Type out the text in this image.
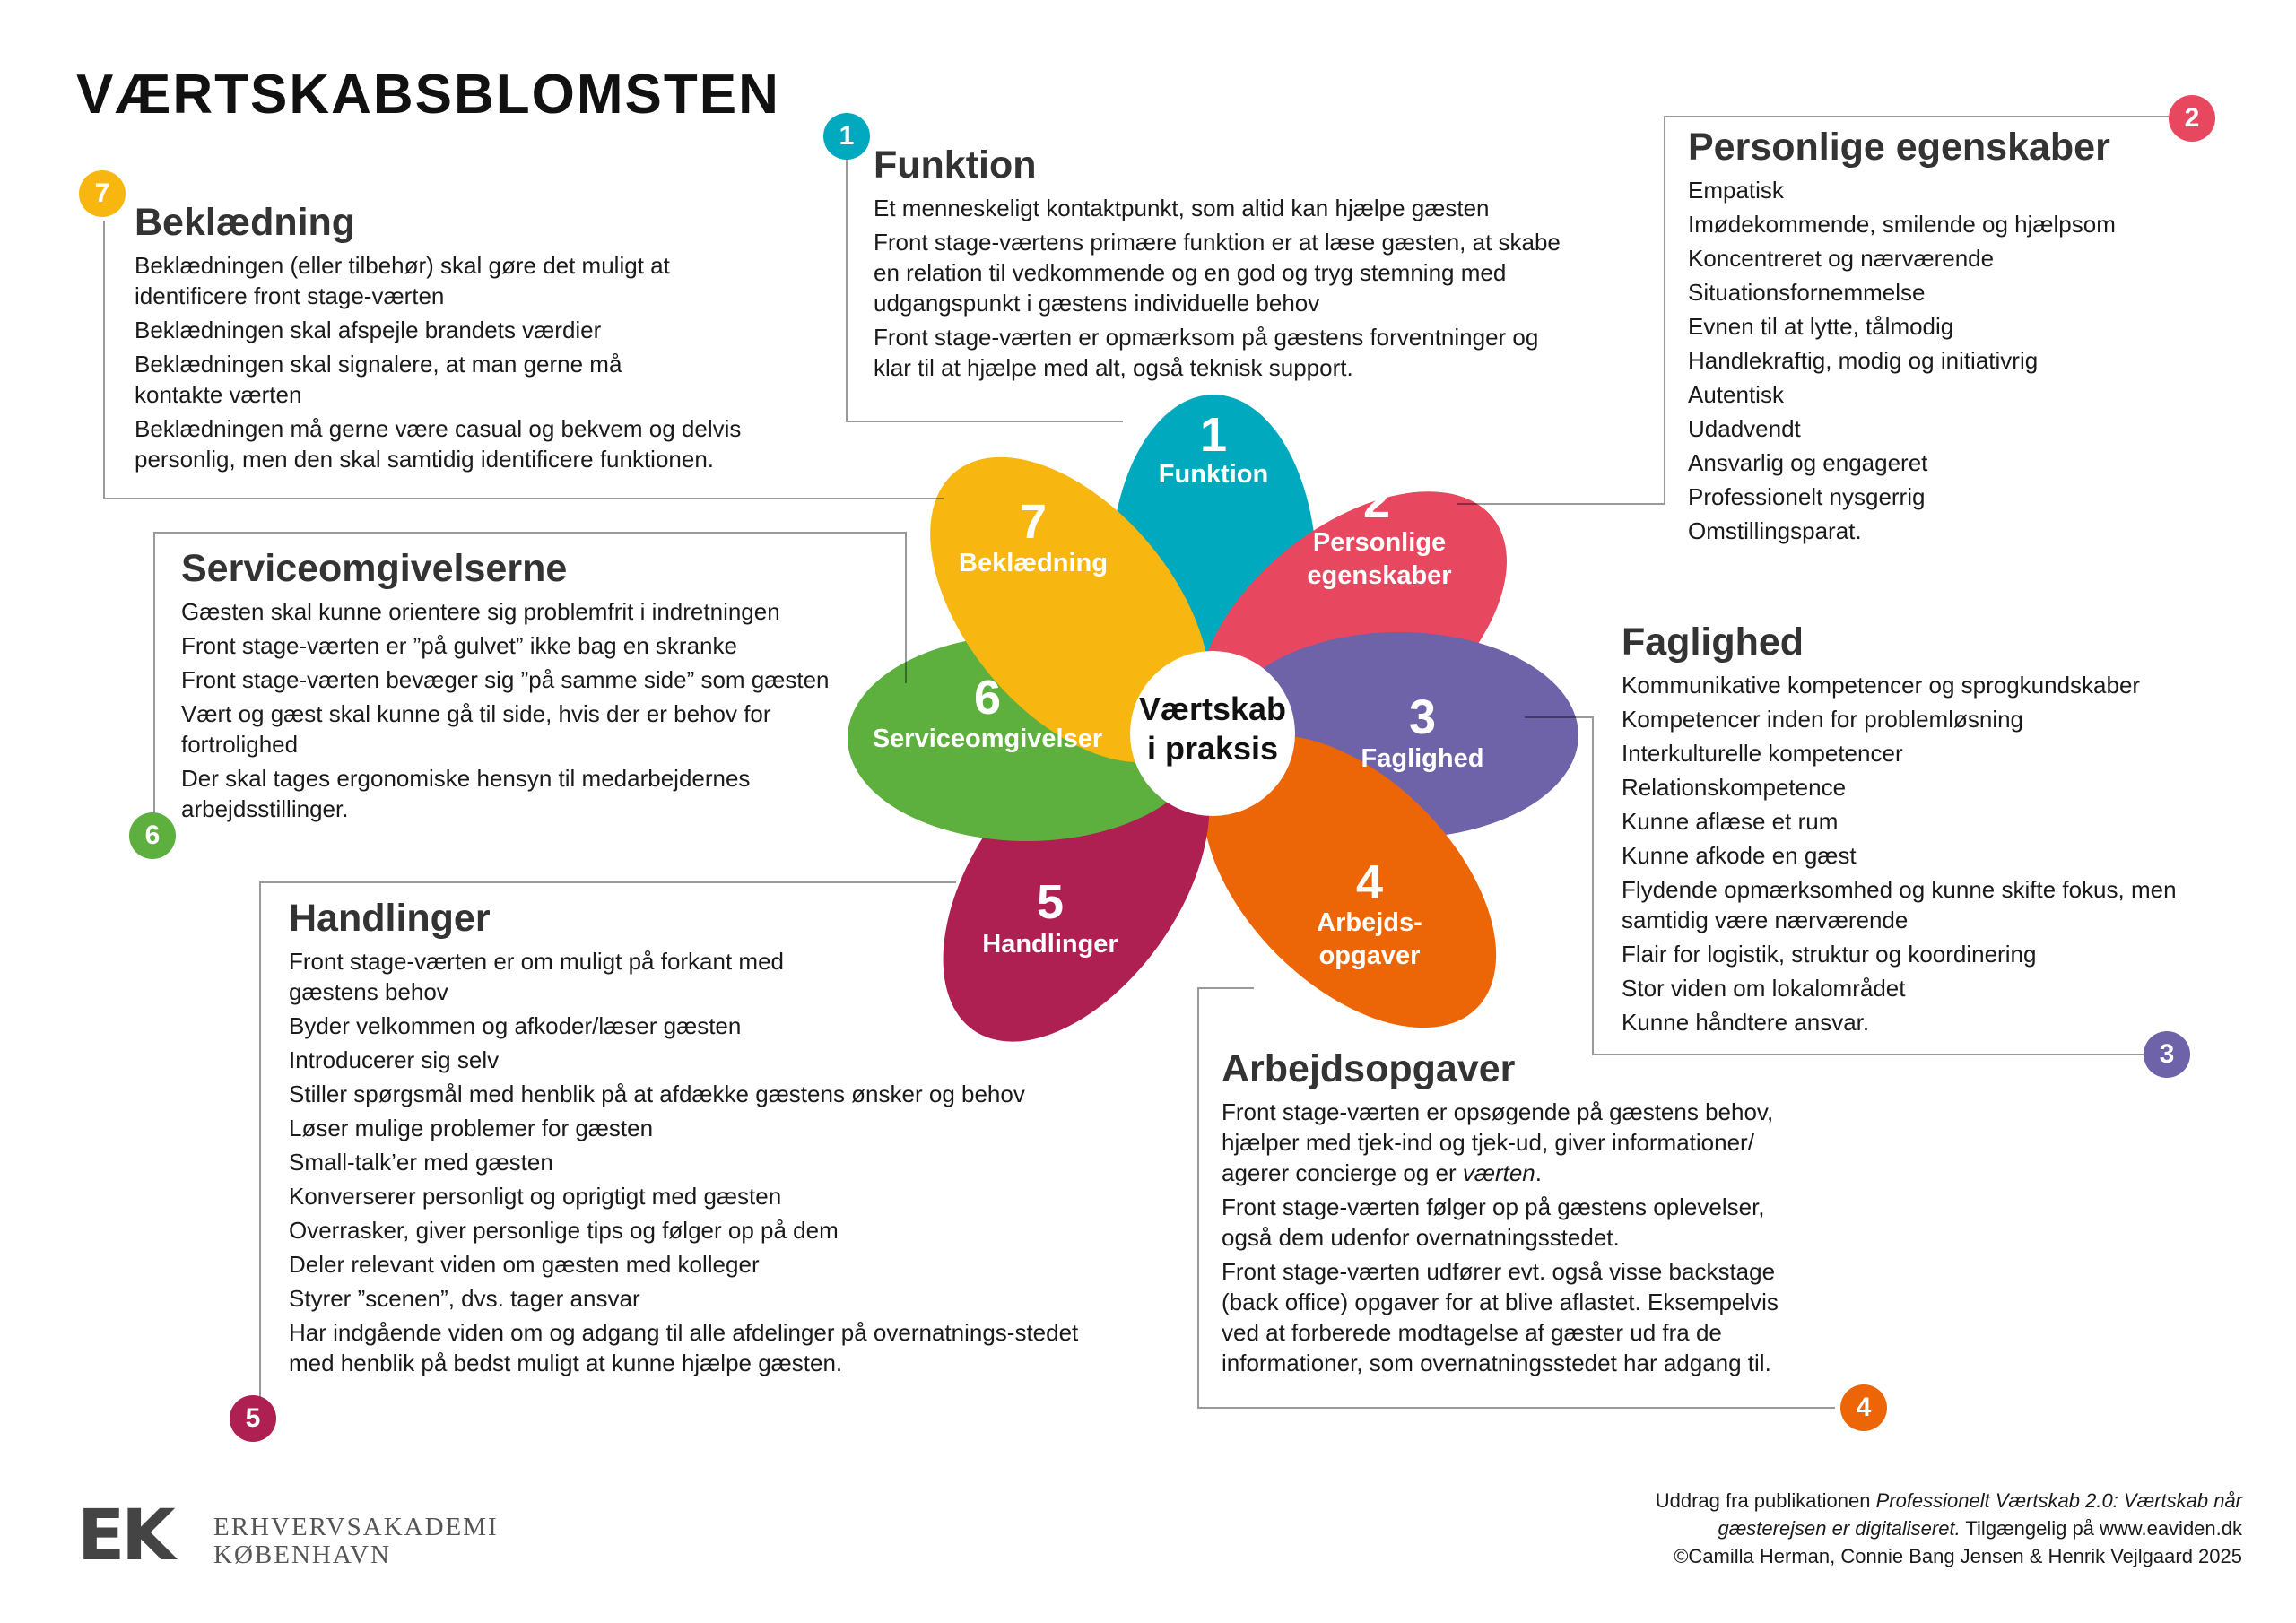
VÆRTSKABSBLOMSTEN
Værtskab
i praksis
1
Funktion 2
Personlige
egenskaber
3
Faglighed
4
Arbejds-
opgaver
5
Handlinger
6
Serviceomgivelser
7
Beklædning
1
Funktion
Et menneskeligt kontaktpunkt, som altid kan hjælpe gæsten
Front stage-værtens primære funktion er at læse gæsten, at skabe en relation til vedkommende og en god og tryg stemning med udgangspunkt i gæstens individuelle behov
Front stage-værten er opmærksom på gæstens forventninger og klar til at hjælpe med alt, også teknisk support.
2
Personlige egenskaber
Empatisk
Imødekommende, smilende og hjælpsom
Koncentreret og nærværende
Situationsfornemmelse
Evnen til at lytte, tålmodig
Handlekraftig, modig og initiativrig
Autentisk
Udadvendt
Ansvarlig og engageret
Professionelt nysgerrig
Omstillingsparat.
3
Faglighed
Kommunikative kompetencer og sprogkundskaber
Kompetencer inden for problemløsning
Interkulturelle kompetencer
Relationskompetence
Kunne aflæse et rum
Kunne afkode en gæst
Flydende opmærksomhed og kunne skifte fokus, men samtidig være nærværende
Flair for logistik, struktur og koordinering
Stor viden om lokalområdet
Kunne håndtere ansvar.
4
Arbejdsopgaver
Front stage-værten er opsøgende på gæstens behov, hjælper med tjek-ind og tjek-ud, giver informationer/ agerer concierge og er værten.
Front stage-værten følger op på gæstens oplevelser, også dem udenfor overnatningsstedet.
Front stage-værten udfører evt. også visse backstage (back office) opgaver for at blive aflastet. Eksempelvis ved at forberede modtagelse af gæster ud fra de informationer, som overnatningsstedet har adgang til.
5
Handlinger
Front stage-værten er om muligt på forkant med gæstens behov
Byder velkommen og afkoder/læser gæsten
Introducerer sig selv
Stiller spørgsmål med henblik på at afdække gæstens ønsker og behov
Løser mulige problemer for gæsten
Small-talk’er med gæsten
Konverserer personligt og oprigtigt med gæsten
Overrasker, giver personlige tips og følger op på dem
Deler relevant viden om gæsten med kolleger
Styrer ”scenen”, dvs. tager ansvar
Har indgående viden om og adgang til alle afdelinger på overnatnings-stedet med henblik på bedst muligt at kunne hjælpe gæsten.
6
Serviceomgivelserne
Gæsten skal kunne orientere sig problemfrit i indretningen
Front stage-værten er ”på gulvet” ikke bag en skranke
Front stage-værten bevæger sig ”på samme side” som gæsten
Vært og gæst skal kunne gå til side, hvis der er behov for fortrolighed
Der skal tages ergonomiske hensyn til medarbejdernes arbejdsstillinger.
7
Beklædning
Beklædningen (eller tilbehør) skal gøre det muligt at identificere front stage-værten
Beklædningen skal afspejle brandets værdier
Beklædningen skal signalere, at man gerne må kontakte værten
Beklædningen må gerne være casual og bekvem og delvis personlig, men den skal samtidig identificere funktionen.
EK ERHVERVSAKADEMI
KØBENHAVN
Uddrag fra publikationen Professionelt Værtskab 2.0: Værtskab når
gæsterejsen er digitaliseret. Tilgængelig på www.eaviden.dk
©Camilla Herman, Connie Bang Jensen & Henrik Vejlgaard 2025
